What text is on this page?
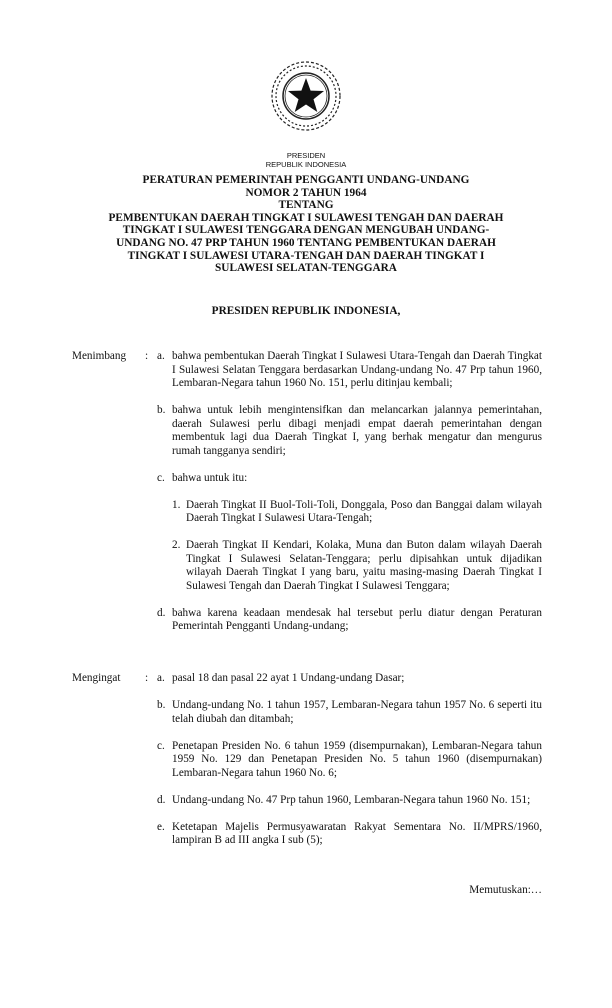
PRESIDEN
REPUBLIK INDONESIA
PERATURAN PEMERINTAH PENGGANTI UNDANG-UNDANG
NOMOR 2 TAHUN 1964
TENTANG
PEMBENTUKAN DAERAH TINGKAT I SULAWESI TENGAH DAN DAERAH
TINGKAT I SULAWESI TENGGARA DENGAN MENGUBAH UNDANG-
UNDANG NO. 47 PRP TAHUN 1960 TENTANG PEMBENTUKAN DAERAH
TINGKAT I SULAWESI UTARA-TENGAH DAN DAERAH TINGKAT I
SULAWESI SELATAN-TENGGARA
PRESIDEN REPUBLIK INDONESIA,
Menimbang : a. bahwa pembentukan Daerah Tingkat I Sulawesi Utara-Tengah dan Daerah Tingkat I Sulawesi Selatan Tenggara berdasarkan Undang-undang No. 47 Prp tahun 1960, Lembaran-Negara tahun 1960 No. 151, perlu ditinjau kembali;
b. bahwa untuk lebih mengintensifkan dan melancarkan jalannya pemerintahan, daerah Sulawesi perlu dibagi menjadi empat daerah pemerintahan dengan membentuk lagi dua Daerah Tingkat I, yang berhak mengatur dan mengurus rumah tangganya sendiri;
c. bahwa untuk itu:
1. Daerah Tingkat II Buol-Toli-Toli, Donggala, Poso dan Banggai dalam wilayah Daerah Tingkat I Sulawesi Utara-Tengah;
2. Daerah Tingkat II Kendari, Kolaka, Muna dan Buton dalam wilayah Daerah Tingkat I Sulawesi Selatan-Tenggara; perlu dipisahkan untuk dijadikan wilayah Daerah Tingkat I yang baru, yaitu masing-masing Daerah Tingkat I Sulawesi Tengah dan Daerah Tingkat I Sulawesi Tenggara;
d. bahwa karena keadaan mendesak hal tersebut perlu diatur dengan Peraturan Pemerintah Pengganti Undang-undang;
Mengingat : a. pasal 18 dan pasal 22 ayat 1 Undang-undang Dasar;
b. Undang-undang No. 1 tahun 1957, Lembaran-Negara tahun 1957 No. 6 seperti itu telah diubah dan ditambah;
c. Penetapan Presiden No. 6 tahun 1959 (disempurnakan), Lembaran-Negara tahun 1959 No. 129 dan Penetapan Presiden No. 5 tahun 1960 (disempurnakan) Lembaran-Negara tahun 1960 No. 6;
d. Undang-undang No. 47 Prp tahun 1960, Lembaran-Negara tahun 1960 No. 151;
e. Ketetapan Majelis Permusyawaratan Rakyat Sementara No. II/MPRS/1960, lampiran B ad III angka I sub (5);
Memutuskan:…
